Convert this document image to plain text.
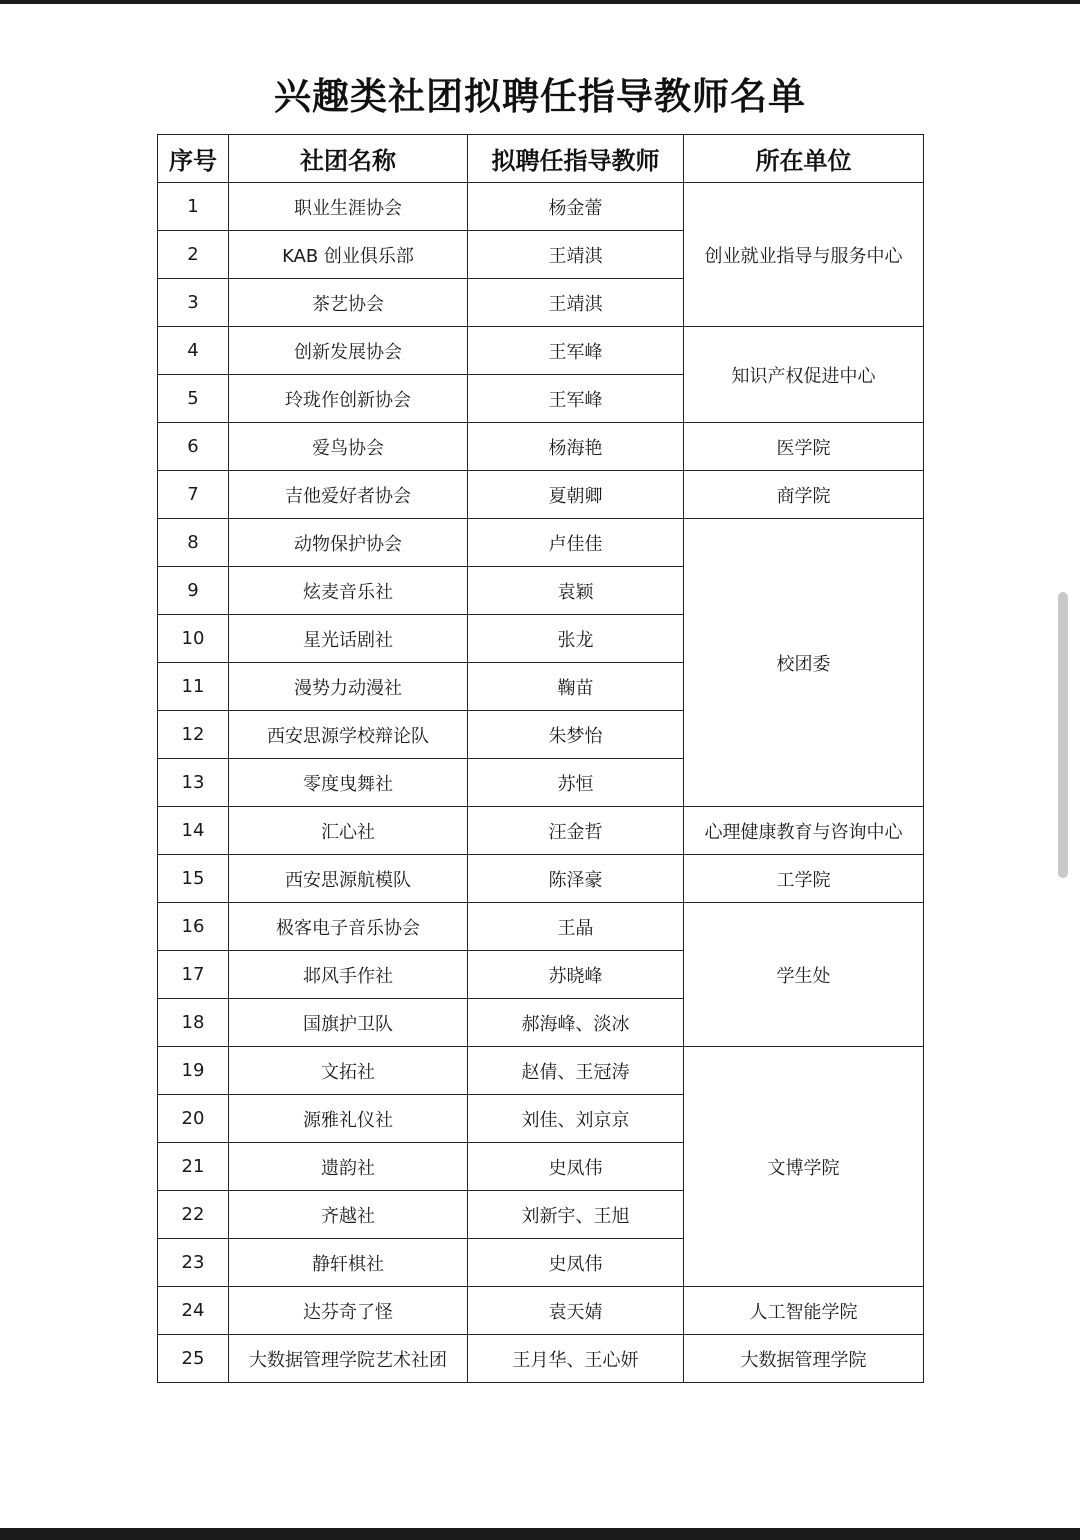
兴趣类社团拟聘任指导教师名单
序号	社团名称	拟聘任指导教师	所在单位
1	职业生涯协会	杨金蕾	创业就业指导与服务中心
2	KAB 创业俱乐部	王靖淇	
3	茶艺协会	王靖淇	
4	创新发展协会	王军峰	知识产权促进中心
5	玲珑作创新协会	王军峰	
6	爱鸟协会	杨海艳	医学院
7	吉他爱好者协会	夏朝卿	商学院
8	动物保护协会	卢佳佳	校团委
9	炫麦音乐社	袁颖	
10	星光话剧社	张龙	
11	漫势力动漫社	鞠苗	
12	西安思源学校辩论队	朱梦怡	
13	零度曳舞社	苏恒	
14	汇心社	汪金哲	心理健康教育与咨询中心
15	西安思源航模队	陈泽豪	工学院
16	极客电子音乐协会	王晶	学生处
17	邶风手作社	苏晓峰	
18	国旗护卫队	郝海峰、淡冰	
19	文拓社	赵倩、王冠涛	文博学院
20	源雅礼仪社	刘佳、刘京京	
21	遗韵社	史凤伟	
22	齐越社	刘新宇、王旭	
23	静轩棋社	史凤伟	
24	达芬奇了怪	袁天婧	人工智能学院
25	大数据管理学院艺术社团	王月华、王心妍	大数据管理学院
